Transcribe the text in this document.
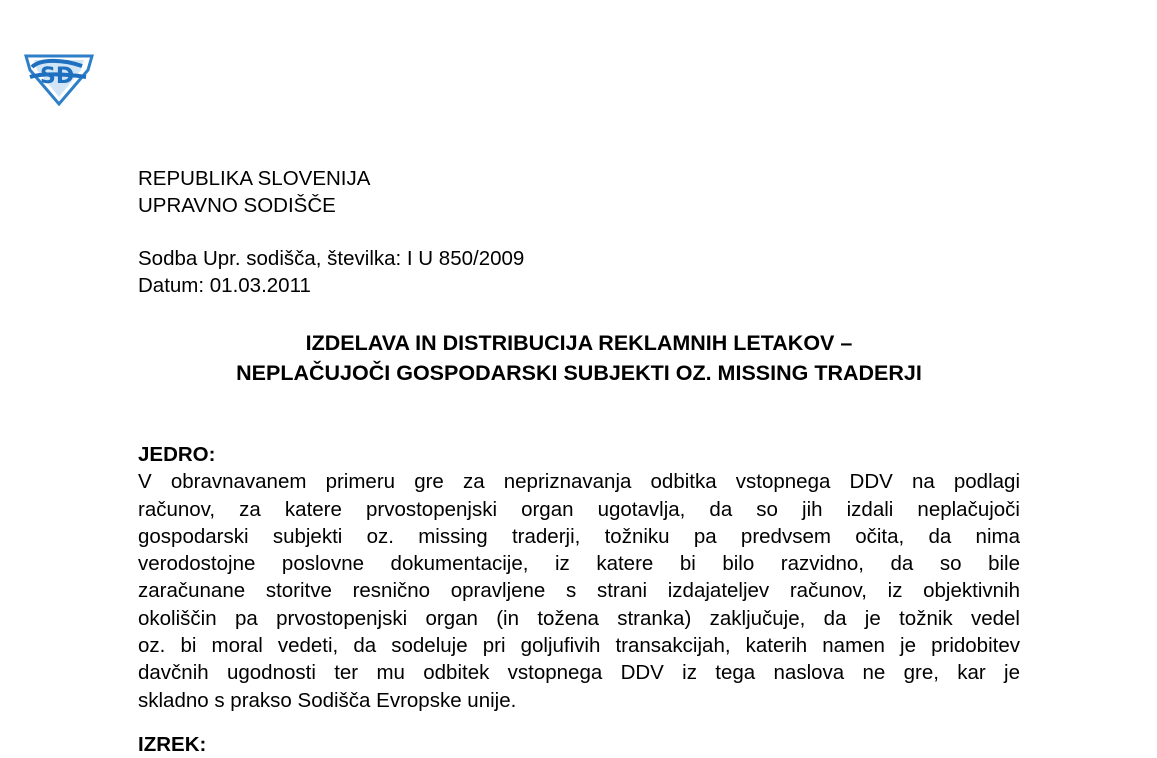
SD
REPUBLIKA SLOVENIJA
UPRAVNO SODIŠČE
Sodba Upr. sodišča, številka: I U 850/2009
Datum: 01.03.2011
IZDELAVA IN DISTRIBUCIJA REKLAMNIH LETAKOV –
NEPLAČUJOČI GOSPODARSKI SUBJEKTI OZ. MISSING TRADERJI
JEDRO:
V obravnavanem primeru gre za nepriznavanja odbitka vstopnega DDV na podlagi
računov, za katere prvostopenjski organ ugotavlja, da so jih izdali neplačujoči
gospodarski subjekti oz. missing traderji, tožniku pa predvsem očita, da nima
verodostojne poslovne dokumentacije, iz katere bi bilo razvidno, da so bile
zaračunane storitve resnično opravljene s strani izdajateljev računov, iz objektivnih
okoliščin pa prvostopenjski organ (in tožena stranka) zaključuje, da je tožnik vedel
oz. bi moral vedeti, da sodeluje pri goljufivih transakcijah, katerih namen je pridobitev
davčnih ugodnosti ter mu odbitek vstopnega DDV iz tega naslova ne gre, kar je
skladno s prakso Sodišča Evropske unije.
IZREK:
